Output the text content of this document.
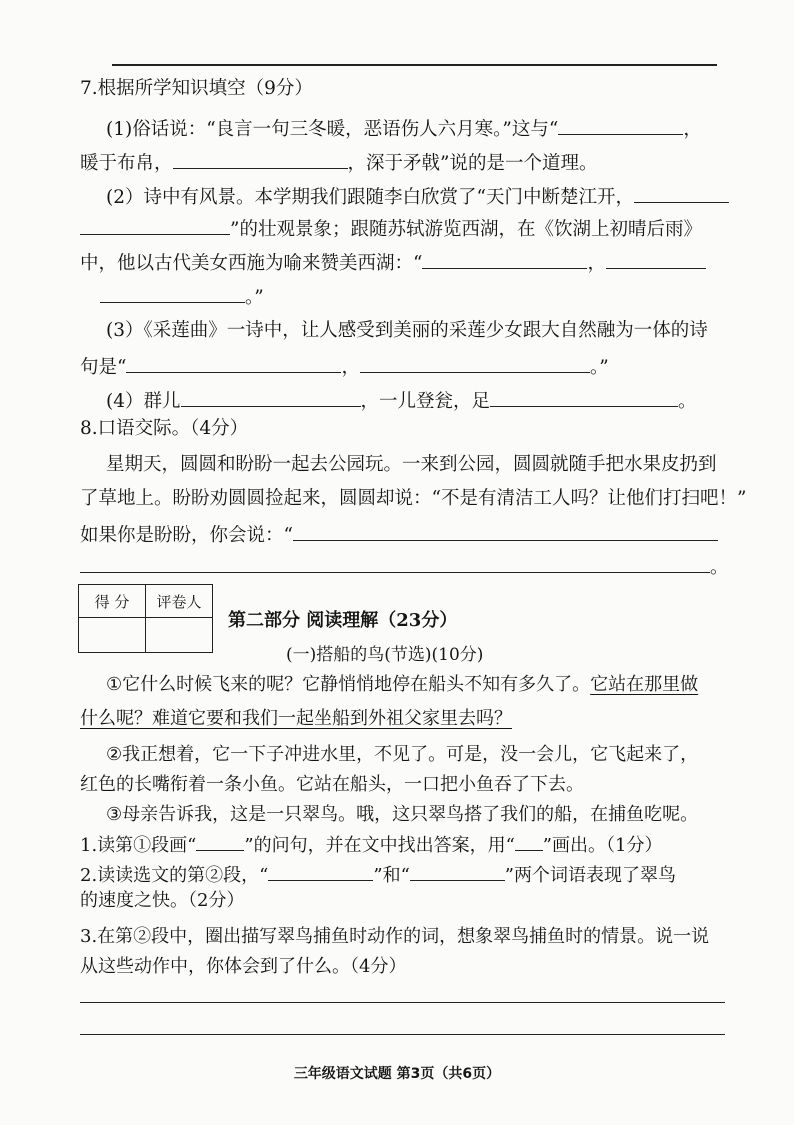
7.根据所学知识填空（9分）
(1)俗话说：“良言一句三冬暖，恶语伤人六月寒。”这与“	，
暖于布帛，	，深于矛戟”说的是一个道理。
(2）诗中有风景。本学期我们跟随李白欣赏了“天门中断楚江开，
”的壮观景象；跟随苏轼游览西湖，在《饮湖上初晴后雨》
中，他以古代美女西施为喻来赞美西湖：“	，
。”
(3）《采莲曲》一诗中，让人感受到美丽的采莲少女跟大自然融为一体的诗
句是“	，	。”
(4）群儿	，一儿登瓮，足	。
8.口语交际。（4分）
星期天，圆圆和盼盼一起去公园玩。一来到公园，圆圆就随手把水果皮扔到
了草地上。盼盼劝圆圆捡起来，圆圆却说：“不是有清洁工人吗？让他们打扫吧！”
如果你是盼盼，你会说：“
。
得 分	评卷人

第二部分 阅读理解（23分）
(一)搭船的鸟(节选)(10分)
①它什么时候飞来的呢？它静悄悄地停在船头不知有多久了。它站在那里做
什么呢？难道它要和我们一起坐船到外祖父家里去吗？
②我正想着，它一下子冲进水里，不见了。可是，没一会儿，它飞起来了，
红色的长嘴衔着一条小鱼。它站在船头，一口把小鱼吞了下去。
③母亲告诉我，这是一只翠鸟。哦，这只翠鸟搭了我们的船，在捕鱼吃呢。
1.读第①段画“	”的问句，并在文中找出答案，用“ ”画出。（1分）
2.读读选文的第②段，“	”和“	”两个词语表现了翠鸟
的速度之快。（2分）
3.在第②段中，圈出描写翠鸟捕鱼时动作的词，想象翠鸟捕鱼时的情景。说一说
从这些动作中，你体会到了什么。（4分）
三年级语文试题 第3页（共6页）
